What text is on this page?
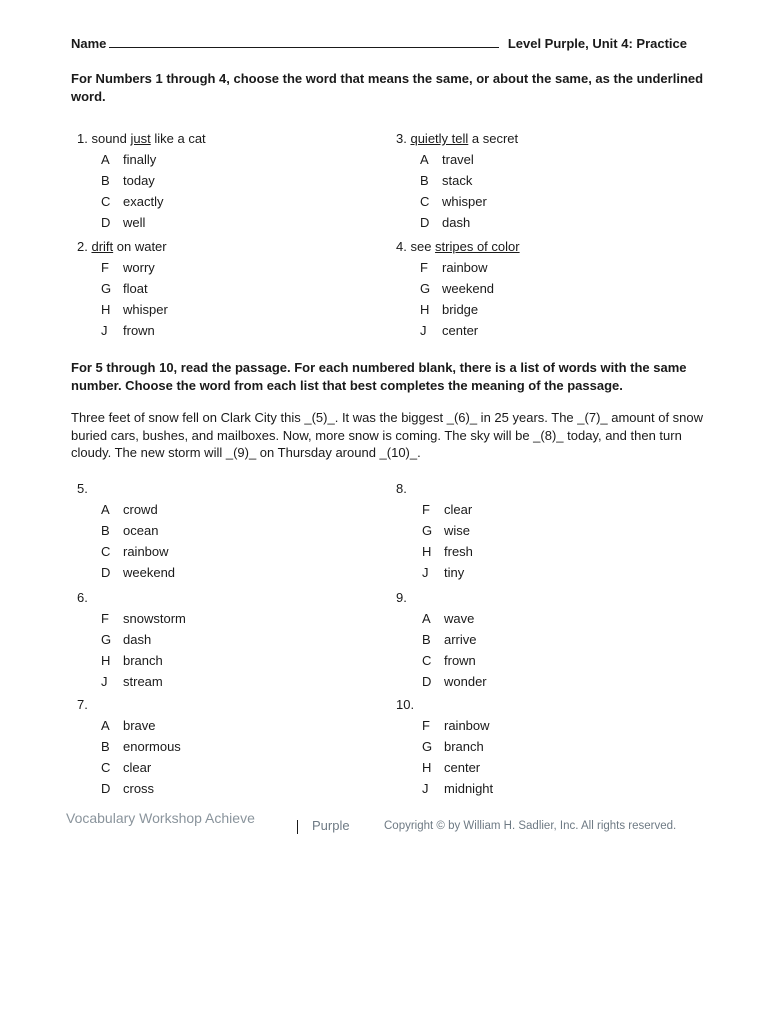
Name	Level Purple, Unit 4: Practice
For Numbers 1 through 4, choose the word that means the same, or about the same, as the underlined word.
1. sound just like a cat
A	finally
B	today
C exactly
D well
2. drift on water
F	worry
G float
H whisper
J	frown
3. quietly tell a secret
A	travel
B	stack
C whisper
D dash
4. see stripes of color
F	rainbow
G weekend
H bridge
J	center
For 5 through 10, read the passage. For each numbered blank, there is a list of words with the same number. Choose the word from each list that best completes the meaning of the passage.
Three feet of snow fell on Clark City this _(5)_. It was the biggest _(6)_ in 25 years. The _(7)_ amount of snow buried cars, bushes, and mailboxes. Now, more snow is coming. The sky will be _(8)_ today, and then turn cloudy. The new storm will _(9)_ on Thursday around _(10)_.
5.
A	crowd
B	ocean
C rainbow
D weekend
6.
F	snowstorm
G dash
H branch
J	stream
7.
A	brave
B	enormous
C clear
D cross
8.
F	clear
G wise
H fresh
J	tiny
9.
A	wave
B	arrive
C frown
D wonder
10.
F	rainbow
G branch
H center
J	midnight
Vocabulary Workshop Achieve	Purple	Copyright © by William H. Sadlier, Inc. All rights reserved.
